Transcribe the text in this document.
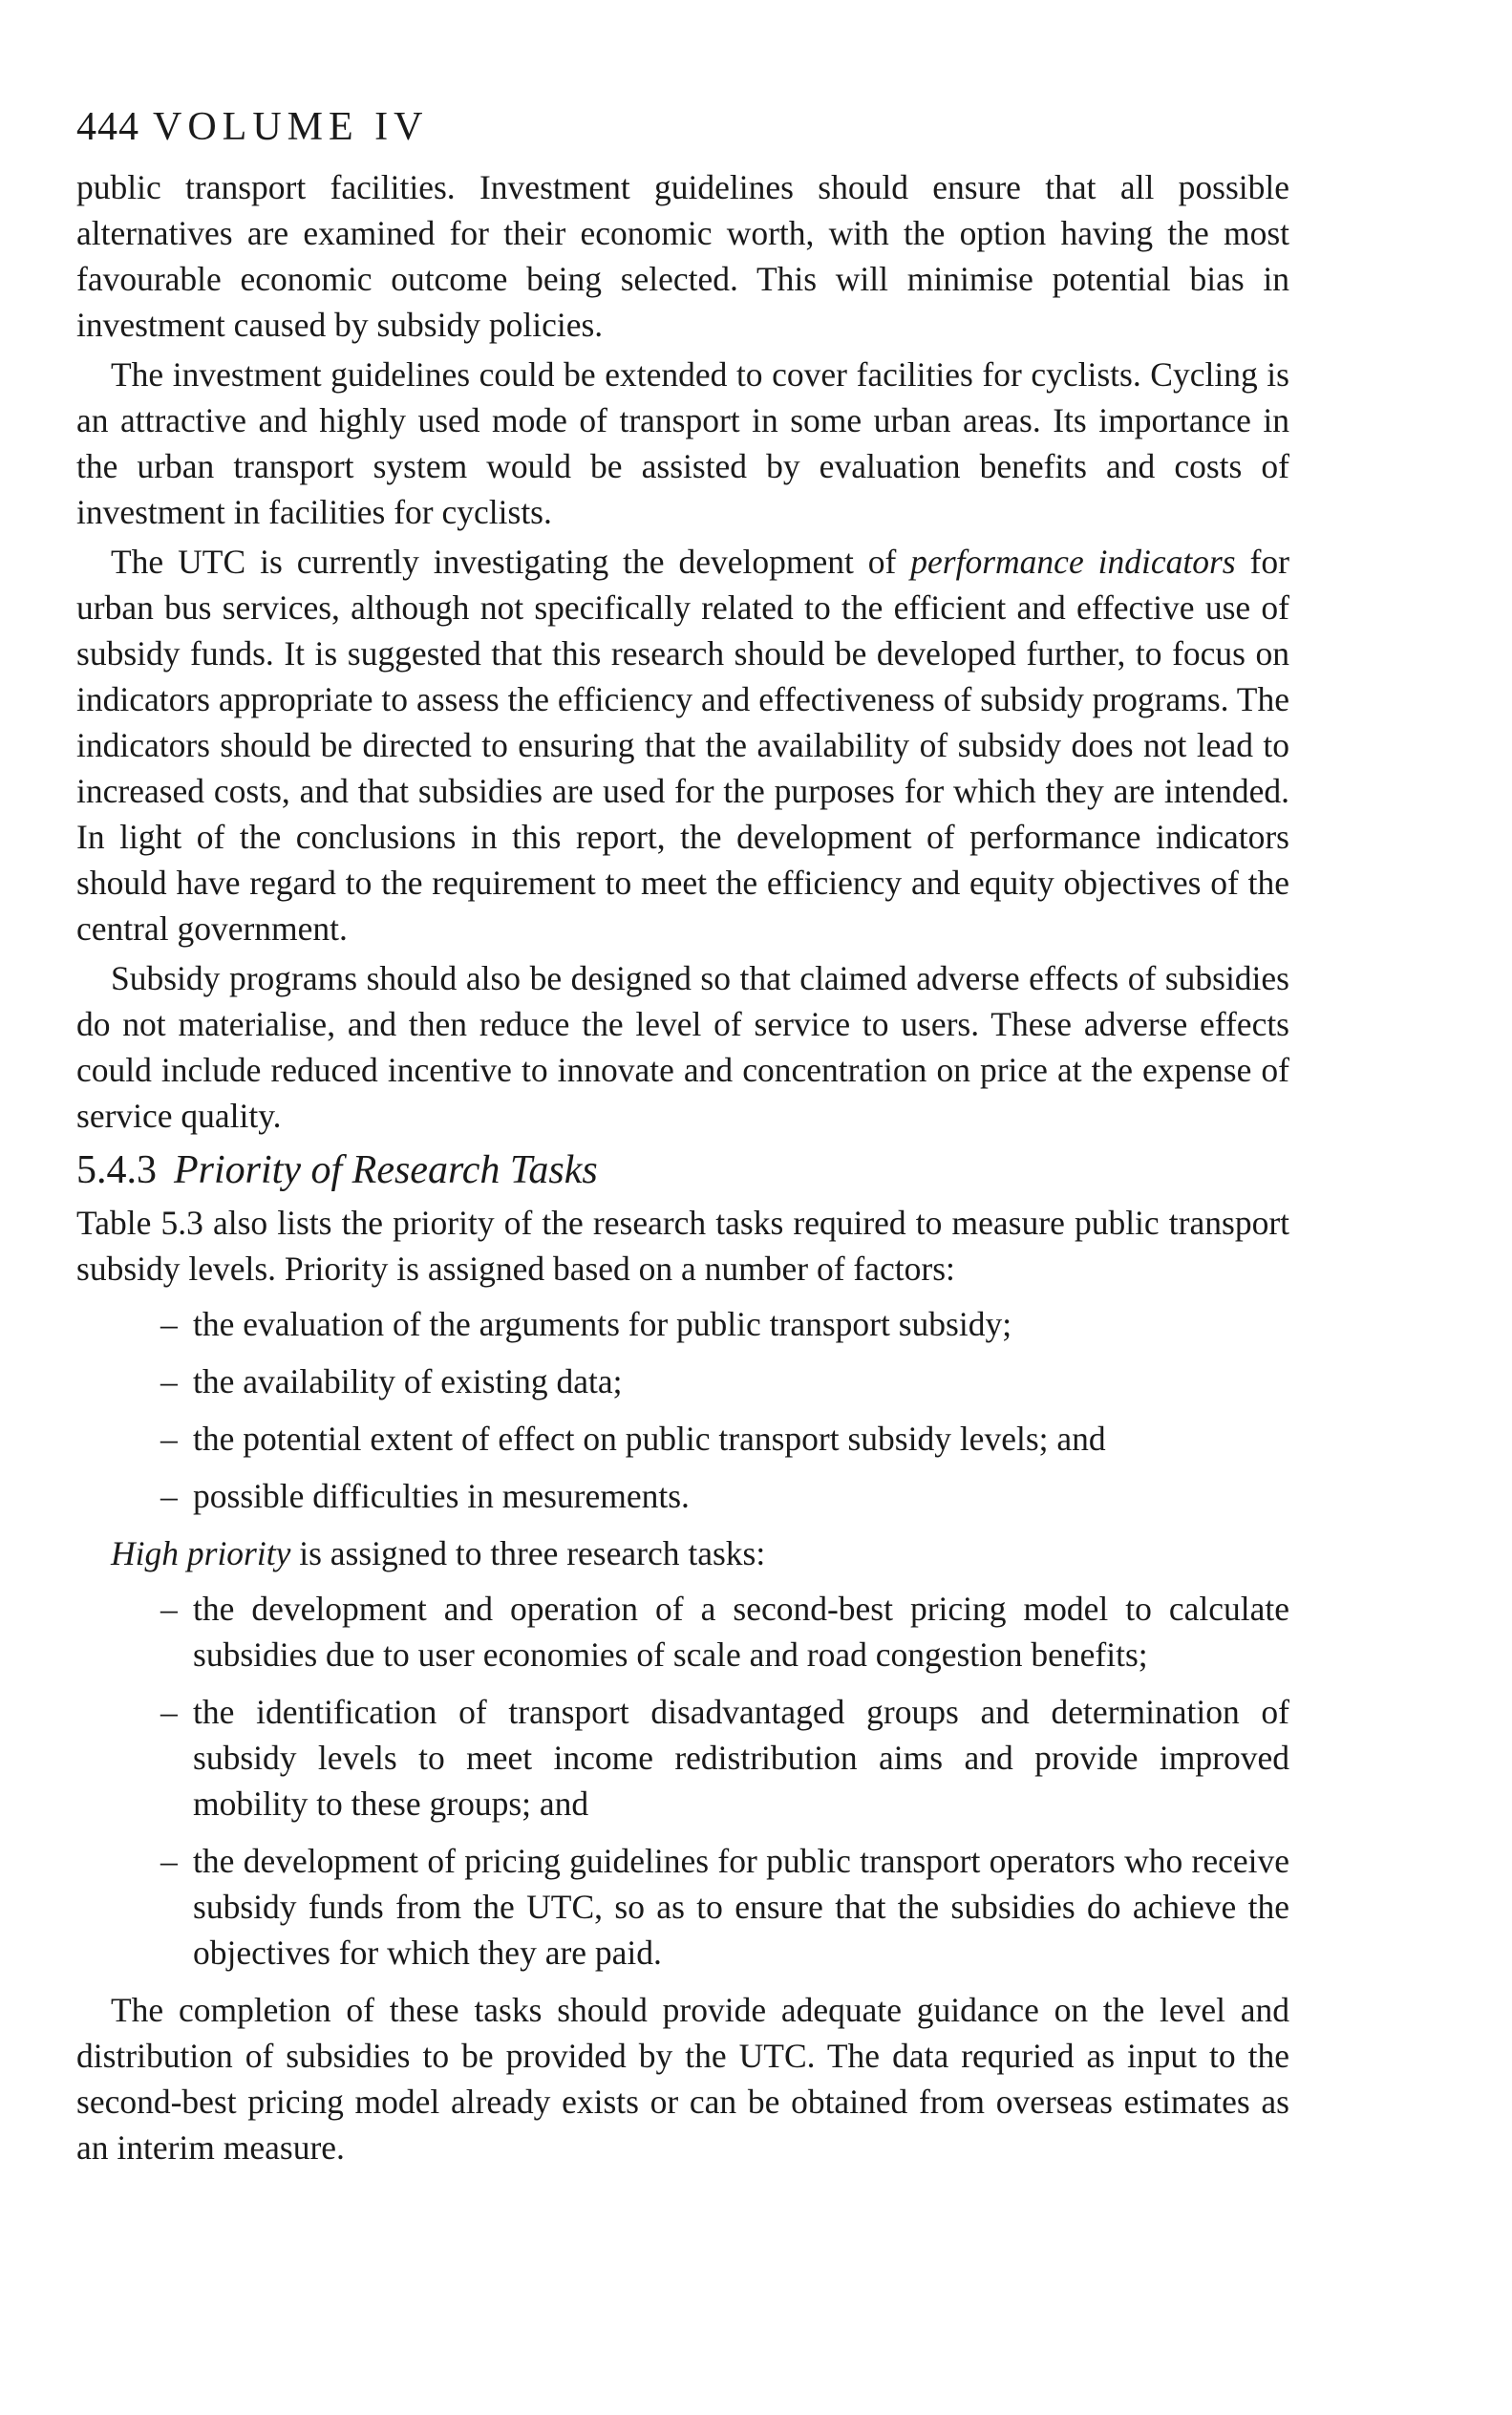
444 VOLUME IV

public transport facilities. Investment guidelines should ensure that all possible alternatives are examined for their economic worth, with the option having the most favourable economic outcome being selected. This will minimise potential bias in investment caused by subsidy policies.

The investment guidelines could be extended to cover facilities for cyclists. Cycling is an attractive and highly used mode of transport in some urban areas. Its importance in the urban transport system would be assisted by evaluation benefits and costs of investment in facilities for cyclists.

The UTC is currently investigating the development of performance indicators for urban bus services, although not specifically related to the efficient and effective use of subsidy funds. It is suggested that this research should be developed further, to focus on indicators appropriate to assess the efficiency and effectiveness of subsidy programs. The indicators should be directed to ensuring that the availability of subsidy does not lead to increased costs, and that subsidies are used for the purposes for which they are intended. In light of the conclusions in this report, the development of performance indicators should have regard to the requirement to meet the efficiency and equity objectives of the central government.

Subsidy programs should also be designed so that claimed adverse effects of subsidies do not materialise, and then reduce the level of service to users. These adverse effects could include reduced incentive to innovate and concentration on price at the expense of service quality.

5.4.3 Priority of Research Tasks

Table 5.3 also lists the priority of the research tasks required to measure public transport subsidy levels. Priority is assigned based on a number of factors:

– the evaluation of the arguments for public transport subsidy;
– the availability of existing data;
– the potential extent of effect on public transport subsidy levels; and
– possible difficulties in mesurements.

High priority is assigned to three research tasks:

– the development and operation of a second-best pricing model to calculate subsidies due to user economies of scale and road congestion benefits;
– the identification of transport disadvantaged groups and determination of subsidy levels to meet income redistribution aims and provide improved mobility to these groups; and
– the development of pricing guidelines for public transport operators who receive subsidy funds from the UTC, so as to ensure that the subsidies do achieve the objectives for which they are paid.

The completion of these tasks should provide adequate guidance on the level and distribution of subsidies to be provided by the UTC. The data requried as input to the second-best pricing model already exists or can be obtained from overseas estimates as an interim measure.
